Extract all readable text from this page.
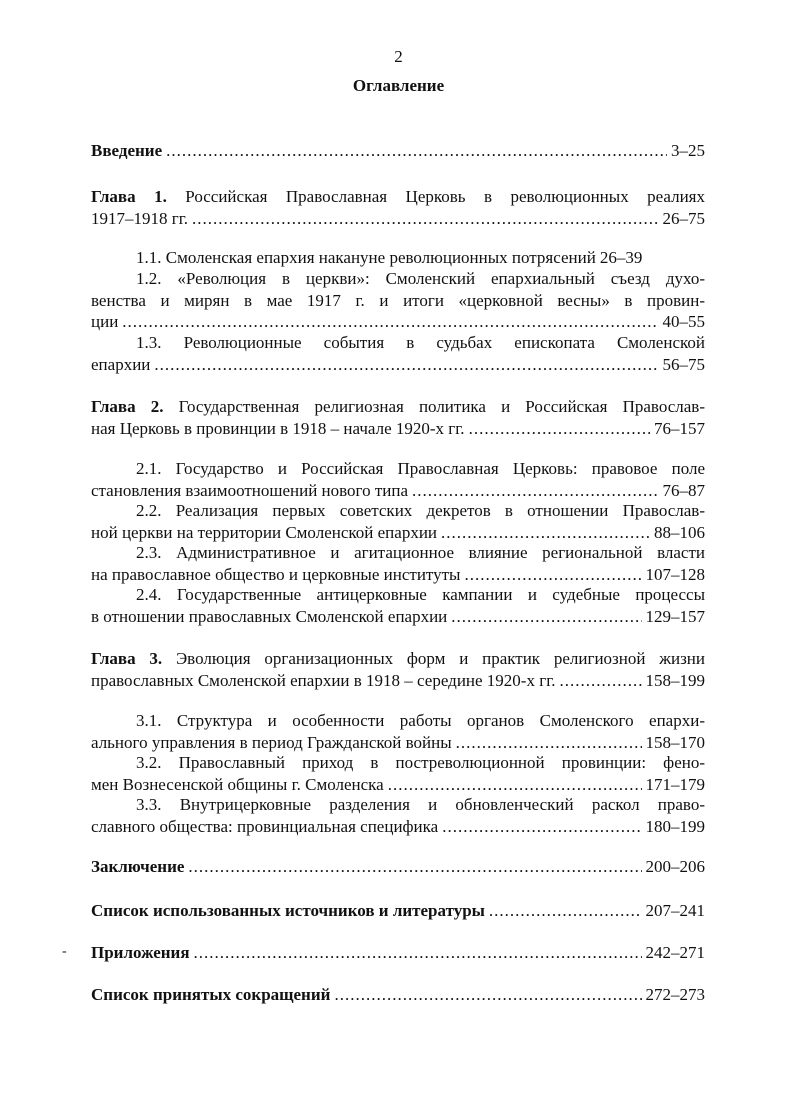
2
Оглавление
Введение .....	3–25
Глава 1. Российская Православная Церковь в революционных реалиях
1917–1918 гг. .....	26–75
1.1. Смоленская епархия накануне революционных потрясений 26–39
1.2. «Революция в церкви»: Смоленский епархиальный съезд духо-
венства и мирян в мае 1917 г. и итоги «церковной весны» в провин-
ции .....	40–55
1.3. Революционные события в судьбах епископата Смоленской
епархии .....	56–75
Глава 2. Государственная религиозная политика и Российская Православ-
ная Церковь в провинции в 1918 – начале 1920-х гг. .....	76–157
2.1. Государство и Российская Православная Церковь: правовое поле
становления взаимоотношений нового типа .....	76–87
2.2. Реализация первых советских декретов в отношении Православ-
ной церкви на территории Смоленской епархии .....	88–106
2.3. Административное и агитационное влияние региональной власти
на православное общество и церковные институты .....	107–128
2.4. Государственные антицерковные кампании и судебные процессы
в отношении православных Смоленской епархии .....	129–157
Глава 3. Эволюция организационных форм и практик религиозной жизни
православных Смоленской епархии в 1918 – середине 1920-х гг. .....	158–199
3.1. Структура и особенности работы органов Смоленского епархи-
ального управления в период Гражданской войны .....	158–170
3.2. Православный приход в постреволюционной провинции: фено-
мен Вознесенской общины г. Смоленска .....	171–179
3.3. Внутрицерковные разделения и обновленческий раскол право-
славного общества: провинциальная специфика .....	180–199
Заключение .....	200–206
Список использованных источников и литературы .....	207–241
Приложения .....	242–271
Список принятых сокращений .....	272–273
-
